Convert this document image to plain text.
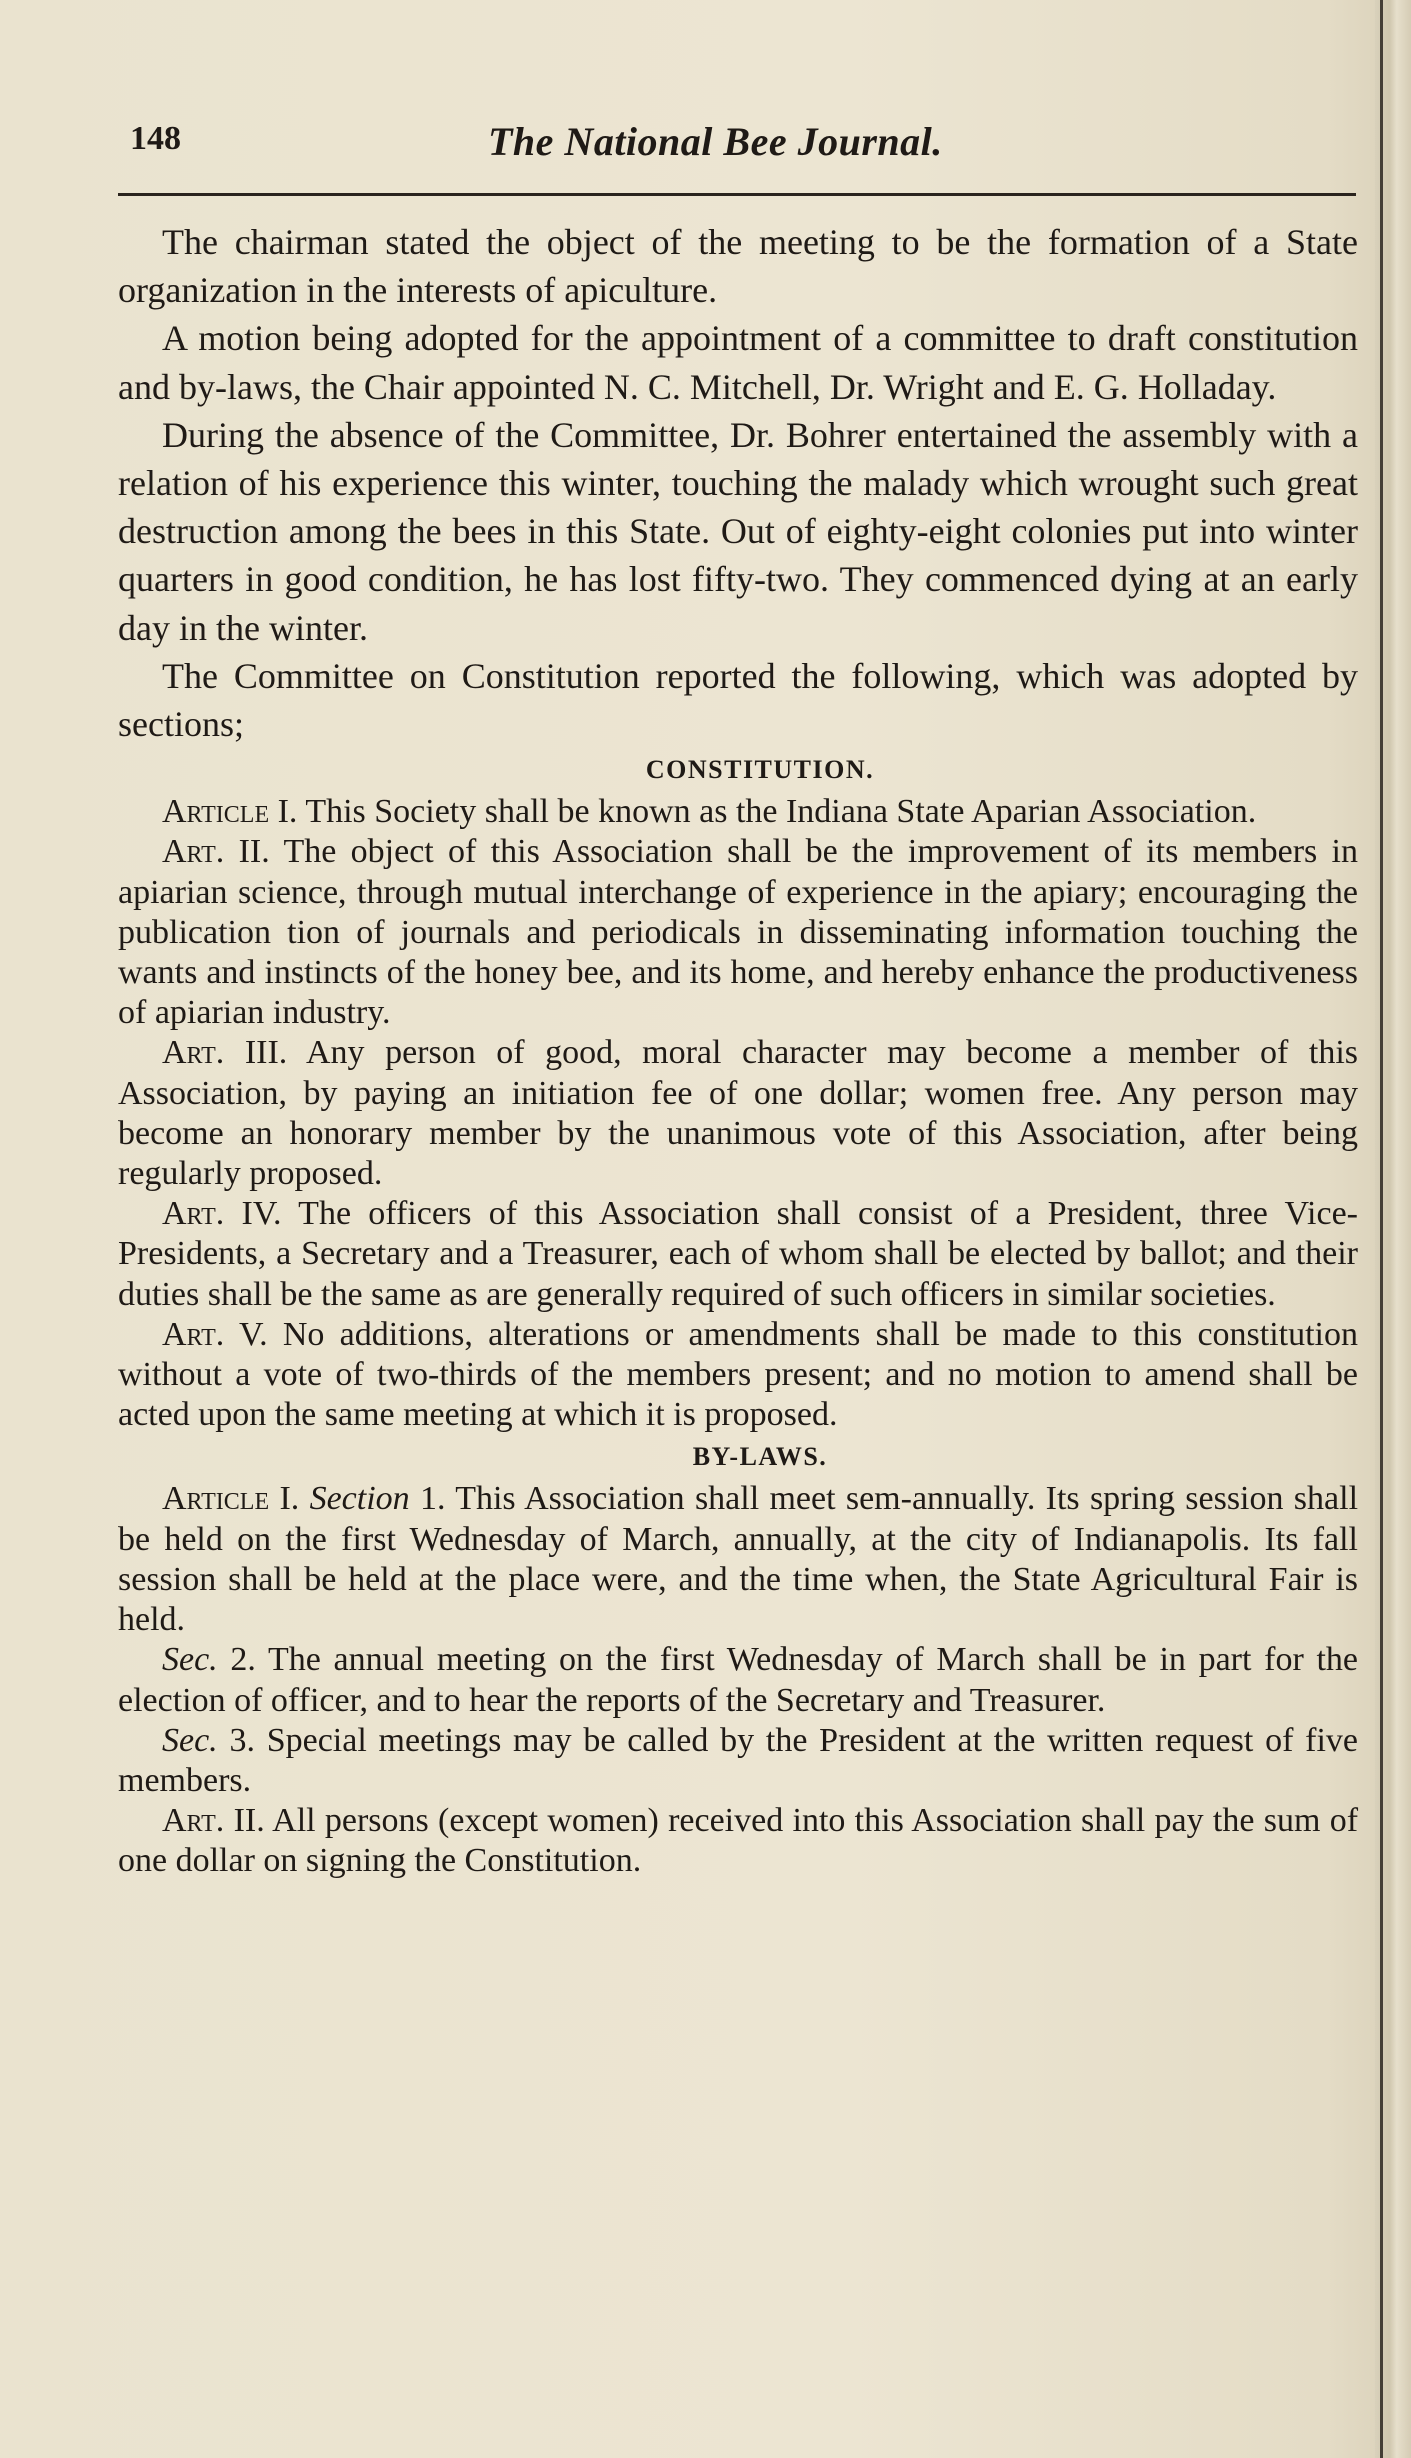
148	The National Bee Journal.

The chairman stated the object of the meeting to be the formation of a State organization in the interests of apiculture.

A motion being adopted for the appointment of a committee to draft constitution and by-laws, the Chair appointed N. C. Mitchell, Dr. Wright and E. G. Holladay.

During the absence of the Committee, Dr. Bohrer entertained the assembly with a relation of his experience this winter, touching the malady which wrought such great destruction among the bees in this State. Out of eighty-eight colonies put into winter quarters in good condition, he has lost fifty-two. They commenced dying at an early day in the winter.

The Committee on Constitution reported the following, which was adopted by sections;

CONSTITUTION.

Article I. This Society shall be known as the Indiana State Aparian Association.

Art. II. The object of this Association shall be the improvement of its members in apiarian science, through mutual interchange of experience in the apiary; encouraging the publication tion of journals and periodicals in disseminating information touching the wants and instincts of the honey bee, and its home, and hereby enhance the productiveness of apiarian industry.

Art. III. Any person of good, moral character may become a member of this Association, by paying an initiation fee of one dollar; women free. Any person may become an honorary member by the unanimous vote of this Association, after being regularly proposed.

Art. IV. The officers of this Association shall consist of a President, three Vice-Presidents, a Secretary and a Treasurer, each of whom shall be elected by ballot; and their duties shall be the same as are generally required of such officers in similar societies.

Art. V. No additions, alterations or amendments shall be made to this constitution without a vote of two-thirds of the members present; and no motion to amend shall be acted upon the same meeting at which it is proposed.

BY-LAWS.

Article I. Section 1. This Association shall meet sem-annually. Its spring session shall be held on the first Wednesday of March, annually, at the city of Indianapolis. Its fall session shall be held at the place were, and the time when, the State Agricultural Fair is held.

Sec. 2. The annual meeting on the first Wednesday of March shall be in part for the election of officer, and to hear the reports of the Secretary and Treasurer.

Sec. 3. Special meetings may be called by the President at the written request of five members.

Art. II. All persons (except women) received into this Association shall pay the sum of one dollar on signing the Constitution.
